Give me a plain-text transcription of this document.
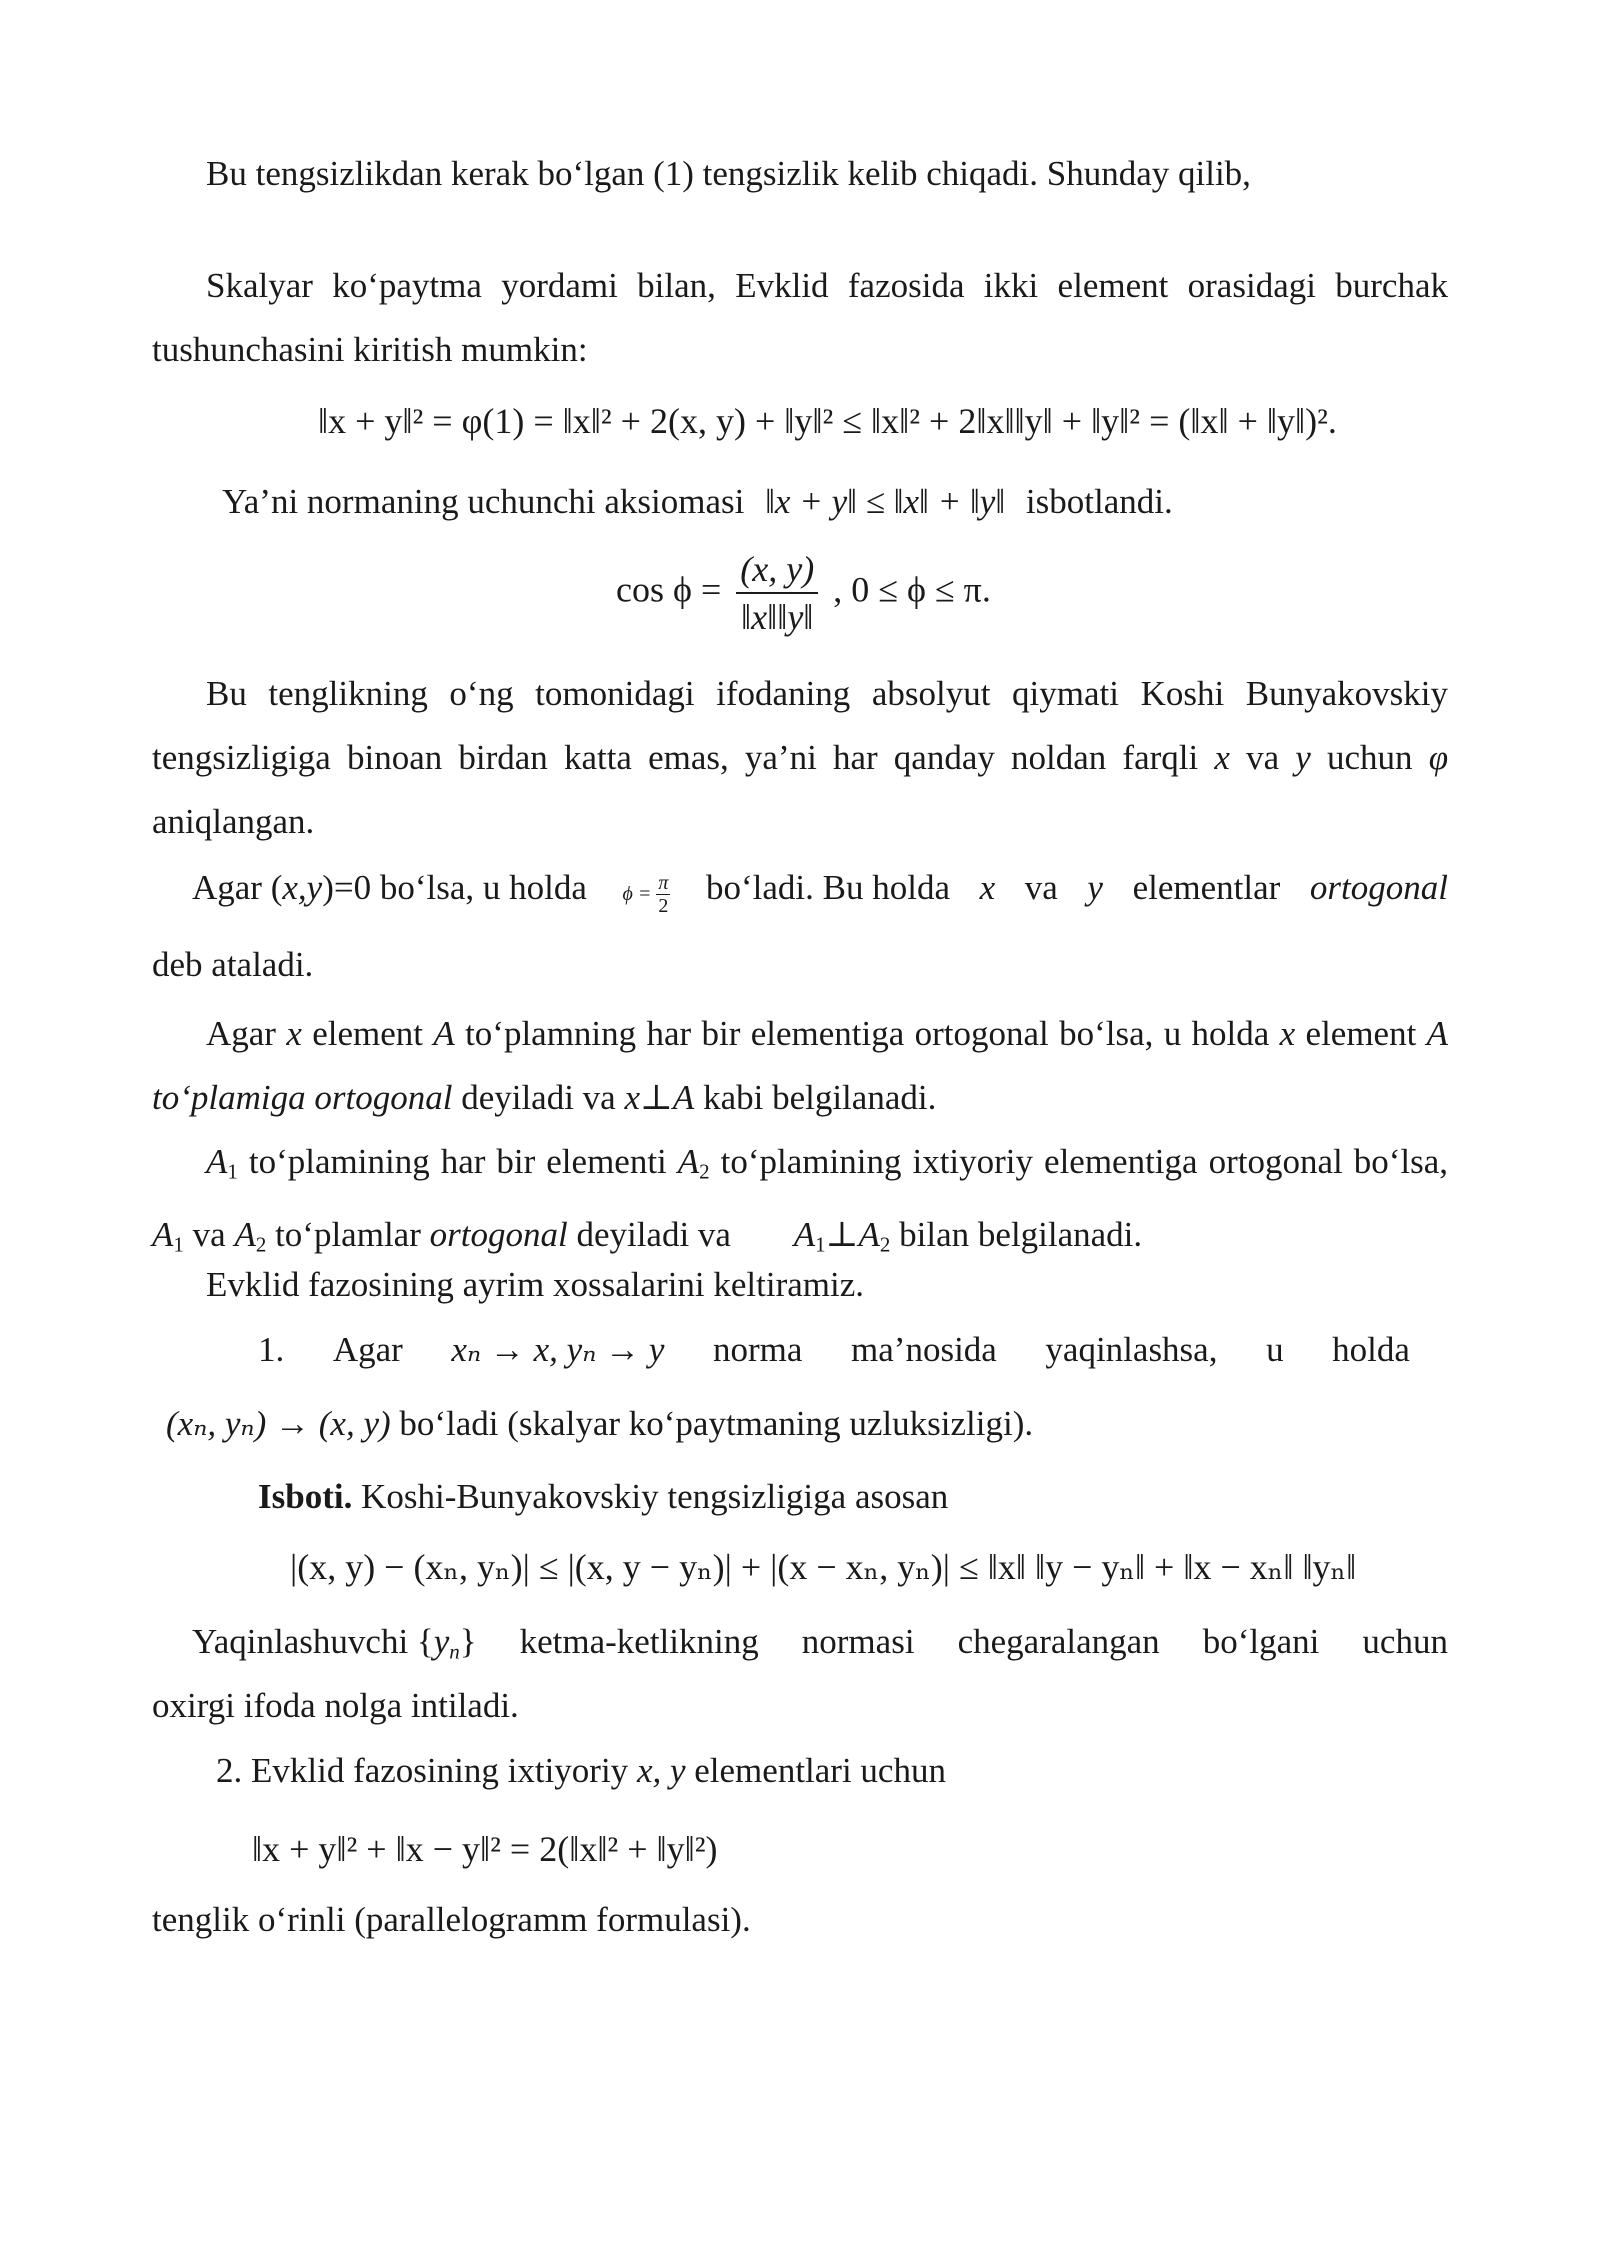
Bu tengsizlikdan kerak bo‘lgan (1) tengsizlik kelib chiqadi. Shunday qilib,

Skalyar ko‘paytma yordami bilan, Evklid fazosida ikki element orasidagi burchak tushunchasini kiritish mumkin:

‖x + y‖² = φ(1) = ‖x‖² + 2(x, y) + ‖y‖² ≤ ‖x‖² + 2‖x‖‖y‖ + ‖y‖² = (‖x‖ + ‖y‖)².
Ya’ni normaning uchunchi aksiomasi ‖x + y‖ ≤ ‖x‖ + ‖y‖ isbotlandi.
$\cos \phi = \frac{(x, y)}{‖x‖‖y‖}$ , 0 ≤ ϕ ≤ π.

Bu tenglikning o‘ng tomonidagi ifodaning absolyut qiymati Koshi Bunyakovskiy tengsizligiga binoan birdan katta emas, ya’ni har qanday noldan farqli x va y uchun φ aniqlangan.

Agar (x,y)=0 bo‘lsa, u holda $\phi = \frac{\pi}{2}$ bo‘ladi. Bu holda x va y elementlar ortogonal
deb ataladi.

Agar x element A to‘plamning har bir elementiga ortogonal bo‘lsa, u holda x element A to‘plamiga ortogonal deyiladi va x⊥A kabi belgilanadi.

$A_1$ to‘plamining har bir elementi $A_2$ to‘plamining ixtiyoriy elementiga ortogonal bo‘lsa, $A_1$ va $A_2$ to‘plamlar ortogonal deyiladi va $A_1\perp A_2$ bilan belgilanadi.

Evklid fazosining ayrim xossalarini keltiramiz.
1. Agar xₙ → x, yₙ → y norma ma’nosida yaqinlashsa, u holda
(xₙ, yₙ) → (x, y) bo‘ladi (skalyar ko‘paytmaning uzluksizligi).
Isboti. Koshi-Bunyakovskiy tengsizligiga asosan
|(x, y) − (xₙ, yₙ)| ≤ |(x, y − yₙ)| + |(x − xₙ, yₙ)| ≤ ‖x‖ ‖y − yₙ‖ + ‖x − xₙ‖ ‖yₙ‖
Yaqinlashuvchi $\{y_n\}$ ketma-ketlikning normasi chegaralangan bo‘lgani uchun
oxirgi ifoda nolga intiladi.
2. Evklid fazosining ixtiyoriy x, y elementlari uchun
‖x + y‖² + ‖x − y‖² = 2(‖x‖² + ‖y‖²)
tenglik o‘rinli (parallelogramm formulasi).
